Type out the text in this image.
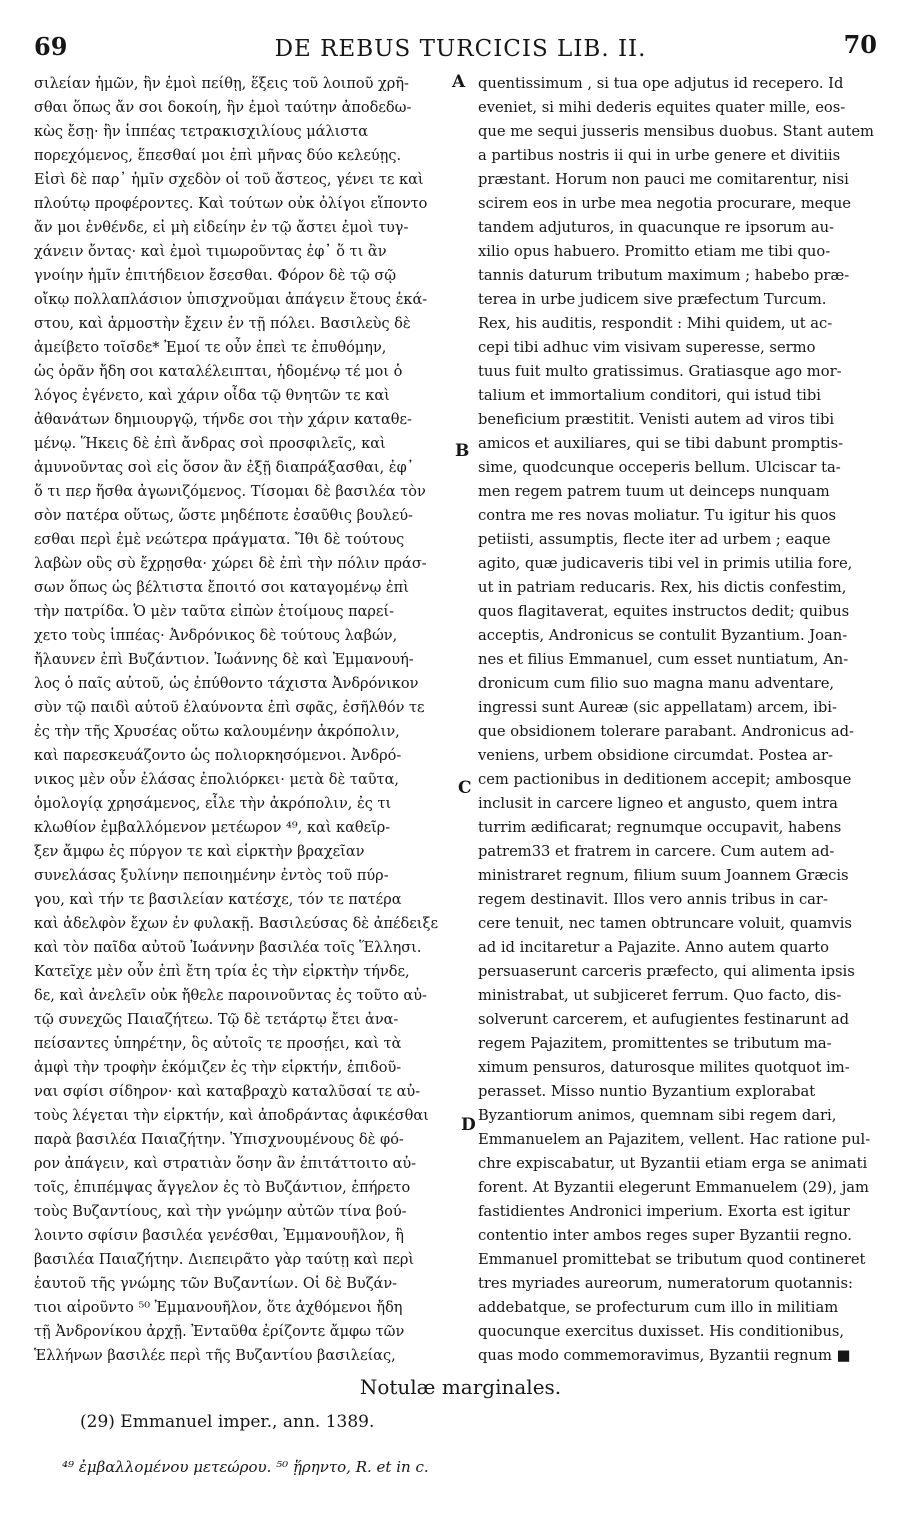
69	DE REBUS TURCICIS LIB. II.	70
σιλείαν ἡμῶν, ἣν ἐμοὶ πείθῃ, ἕξεις τοῦ λοιποῦ χρῆ-
σθαι ὅπως ἄν σοι δοκοίη, ἣν ἐμοὶ ταύτην ἀποδεδω-
κὼς ἔσῃ· ἢν ἱππέας τετρακισχιλίους μάλιστα
πορεχόμενος, ἕπεσθαί μοι ἐπὶ μῆνας δύο κελεύῃς.
Εἰσὶ δὲ παρ᾽ ἡμῖν σχεδὸν οἱ τοῦ ἄστεος, γένει τε καὶ
πλούτῳ προφέροντες. Καὶ τούτων οὐκ ὀλίγοι εἵποντο
ἄν μοι ἐνθένδε, εἰ μὴ εἰδείην ἐν τῷ ἄστει ἐμοὶ τυγ-
χάνειν ὄντας· καὶ ἐμοὶ τιμωροῦντας ἐφ᾽ ὅ τι ἂν
γνοίην ἡμῖν ἐπιτήδειον ἔσεσθαι. Φόρον δὲ τῷ σῷ
οἴκῳ πολλαπλάσιον ὑπισχνοῦμαι ἀπάγειν ἔτους ἑκά-
στου, καὶ ἁρμοστὴν ἔχειν ἐν τῇ πόλει. Βασιλεὺς δὲ
ἀμείβετο τοῖσδε* Ἐμοί τε οὖν ἐπεὶ τε ἐπυθόμην,
ὡς ὁρᾶν ἤδη σοι καταλέλειπται, ἡδομένῳ τέ μοι ὁ
λόγος ἐγένετο, καὶ χάριν οἶδα τῷ θνητῶν τε καὶ
ἀθανάτων δημιουργῷ, τήνδε σοι τὴν χάριν καταθε-
μένῳ. Ἥκεις δὲ ἐπὶ ἄνδρας σοὶ προσφιλεῖς, καὶ
ἀμυνοῦντας σοὶ εἰς ὅσον ἂν ἐξῇ διαπράξασθαι, ἐφ᾽
ὅ τι περ ἥσθα ἀγωνιζόμενος. Τίσομαι δὲ βασιλέα τὸν
σὸν πατέρα οὕτως, ὥστε μηδέποτε ἐσαῦθις βουλεύ-
εσθαι περὶ ἐμὲ νεώτερα πράγματα. Ἴθι δὲ τούτους
λαβὼν οὓς σὺ ἔχρῃσθα· χώρει δὲ ἐπὶ τὴν πόλιν πράσ-
σων ὅπως ὡς βέλτιστα ἔποιτό σοι καταγομένῳ ἐπὶ
τὴν πατρίδα. Ὁ μὲν ταῦτα εἰπὼν ἑτοίμους παρεί-
χετο τοὺς ἱππέας· Ἀνδρόνικος δὲ τούτους λαβών,
ἤλαυνεν ἐπὶ Βυζάντιον. Ἰωάννης δὲ καὶ Ἐμμανουή-
λος ὁ παῖς αὐτοῦ, ὡς ἐπύθοντο τάχιστα Ἀνδρόνικον
σὺν τῷ παιδὶ αὐτοῦ ἐλαύνοντα ἐπὶ σφᾶς, ἐσῆλθόν τε
ἐς τὴν τῆς Χρυσέας οὕτω καλουμένην ἀκρόπολιν,
καὶ παρεσκευάζοντο ὡς πολιορκησόμενοι. Ἀνδρό-
νικος μὲν οὖν ἐλάσας ἐπολιόρκει· μετὰ δὲ ταῦτα,
ὁμολογίᾳ χρησάμενος, εἷλε τὴν ἀκρόπολιν, ἐς τι
κλωθίον ἐμβαλλόμενον μετέωρον ⁴⁹, καὶ καθεῖρ-
ξεν ἄμφω ἐς πύργον τε καὶ εἱρκτὴν βραχεῖαν
συνελάσας ξυλίνην πεποιημένην ἐντὸς τοῦ πύρ-
γου, καὶ τήν τε βασιλείαν κατέσχε, τόν τε πατέρα
καὶ ἀδελφὸν ἔχων ἐν φυλακῇ. Βασιλεύσας δὲ ἀπέδειξε
καὶ τὸν παῖδα αὐτοῦ Ἰωάννην βασιλέα τοῖς Ἕλλησι.
Κατεῖχε μὲν οὖν ἐπὶ ἔτη τρία ἐς τὴν εἱρκτὴν τήνδε,
δε, καὶ ἀνελεῖν οὐκ ἤθελε παροινοῦντας ἐς τοῦτο αὐ-
τῷ συνεχῶς Παιαζήτεω. Τῷ δὲ τετάρτῳ ἔτει ἀνα-
πείσαντες ὑπηρέτην, ὃς αὐτοῖς τε προσῄει, καὶ τὰ
ἀμφὶ τὴν τροφὴν ἐκόμιζεν ἐς τὴν εἱρκτήν, ἐπιδοῦ-
ναι σφίσι σίδηρον· καὶ καταβραχὺ καταλῦσαί τε αὐ-
τοὺς λέγεται τὴν εἱρκτήν, καὶ ἀποδράντας ἀφικέσθαι
παρὰ βασιλέα Παιαζήτην. Ὑπισχνουμένους δὲ φό-
ρον ἀπάγειν, καὶ στρατιὰν ὅσην ἂν ἐπιτάττοιτο αὐ-
τοῖς, ἐπιπέμψας ἄγγελον ἐς τὸ Βυζάντιον, ἐπήρετο
τοὺς Βυζαντίους, καὶ τὴν γνώμην αὐτῶν τίνα βού-
λοιντο σφίσιν βασιλέα γενέσθαι, Ἐμμανουῆλον, ἢ
βασιλέα Παιαζήτην. Διεπειρᾶτο γὰρ ταύτῃ καὶ περὶ
ἑαυτοῦ τῆς γνώμης τῶν Βυζαντίων. Οἱ δὲ Βυζάν-
τιοι αἱροῦντο ⁵⁰ Ἐμμανουῆλον, ὅτε ἀχθόμενοι ἤδη
τῇ Ἀνδρονίκου ἀρχῇ. Ἐνταῦθα ἐρίζοντε ἄμφω τῶν
Ἑλλήνων βασιλέε περὶ τῆς Βυζαντίου βασιλείας,
quentissimum , si tua ope adjutus id recepero. Id
eveniet, si mihi dederis equites quater mille, eos-
que me sequi jusseris mensibus duobus. Stant autem
a partibus nostris ii qui in urbe genere et divitiis
præstant. Horum non pauci me comitarentur, nisi
scirem eos in urbe mea negotia procurare, meque
tandem adjuturos, in quacunque re ipsorum au-
xilio opus habuero. Promitto etiam me tibi quo-
tannis daturum tributum maximum ; habebo præ-
terea in urbe judicem sive præfectum Turcum.
Rex, his auditis, respondit : Mihi quidem, ut ac-
cepi tibi adhuc vim visivam superesse, sermo
tuus fuit multo gratissimus. Gratiasque ago mor-
talium et immortalium conditori, qui istud tibi
beneficium præstitit. Venisti autem ad viros tibi
amicos et auxiliares, qui se tibi dabunt promptis-
sime, quodcunque occeperis bellum. Ulciscar ta-
men regem patrem tuum ut deinceps nunquam
contra me res novas moliatur. Tu igitur his quos
petiisti, assumptis, flecte iter ad urbem ; eaque
agito, quæ judicaveris tibi vel in primis utilia fore,
ut in patriam reducaris. Rex, his dictis confestim,
quos flagitaverat, equites instructos dedit; quibus
acceptis, Andronicus se contulit Byzantium. Joan-
nes et filius Emmanuel, cum esset nuntiatum, An-
dronicum cum filio suo magna manu adventare,
ingressi sunt Aureæ (sic appellatam) arcem, ibi-
que obsidionem tolerare parabant. Andronicus ad-
veniens, urbem obsidione circumdat. Postea ar-
cem pactionibus in deditionem accepit; ambosque
inclusit in carcere ligneo et angusto, quem intra
turrim ædificarat; regnumque occupavit, habens
patrem33 et fratrem in carcere. Cum autem ad-
ministraret regnum, filium suum Joannem Græcis
regem destinavit. Illos vero annis tribus in car-
cere tenuit, nec tamen obtruncare voluit, quamvis
ad id incitaretur a Pajazite. Anno autem quarto
persuaserunt carceris præfecto, qui alimenta ipsis
ministrabat, ut subjiceret ferrum. Quo facto, dis-
solverunt carcerem, et aufugientes festinarunt ad
regem Pajazitem, promittentes se tributum ma-
ximum pensuros, daturosque milites quotquot im-
perasset. Misso nuntio Byzantium explorabat
Byzantiorum animos, quemnam sibi regem dari,
Emmanuelem an Pajazitem, vellent. Hac ratione pul-
chre expiscabatur, ut Byzantii etiam erga se animati
forent. At Byzantii elegerunt Emmanuelem (29), jam
fastidientes Andronici imperium. Exorta est igitur
contentio inter ambos reges super Byzantii regno.
Emmanuel promittebat se tributum quod contineret
tres myriades aureorum, numeratorum quotannis:
addebatque, se profecturum cum illo in militiam
quocunque exercitus duxisset. His conditionibus,
quas modo commemoravimus, Byzantii regnum ■
A
B
C
D
Notulæ marginales.
(29) Emmanuel imper., ann. 1389.
⁴⁹ ἐμβαλλομένου μετεώρου. ⁵⁰ ᾕρηντο, R. et in c.
